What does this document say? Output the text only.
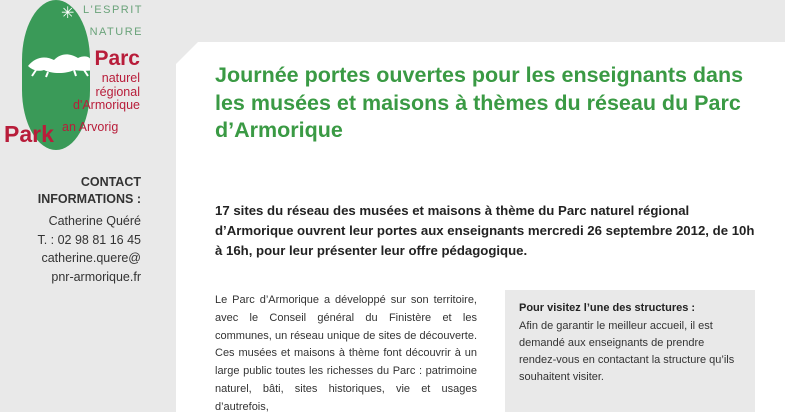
✳ L'ESPRIT
NATURE
Parc
naturel
régional
d'Armorique
Park an Arvorig
CONTACT
INFORMATIONS :
Catherine Quéré
T. : 02 98 81 16 45
catherine.quere@
pnr-armorique.fr
Journée portes ouvertes pour les enseignants dans les musées et maisons à thèmes du réseau du Parc d’Armorique

17 sites du réseau des musées et maisons à thème du Parc naturel régional d’Armorique ouvrent leur portes aux enseignants mercredi 26 septembre 2012, de 10h à 16h, pour leur présenter leur offre pédagogique.

Le Parc d’Armorique a développé sur son territoire, avec le Conseil général du Finistère et les communes, un réseau unique de sites de découverte. Ces musées et maisons à thème font découvrir à un large public toutes les richesses du Parc : patrimoine naturel, bâti, sites historiques, vie et usages d’autrefois,

Pour visitez l’une des structures :
Afin de garantir le meilleur accueil, il est demandé aux enseignants de prendre rendez-vous en contactant la structure qu’ils souhaitent visiter.
